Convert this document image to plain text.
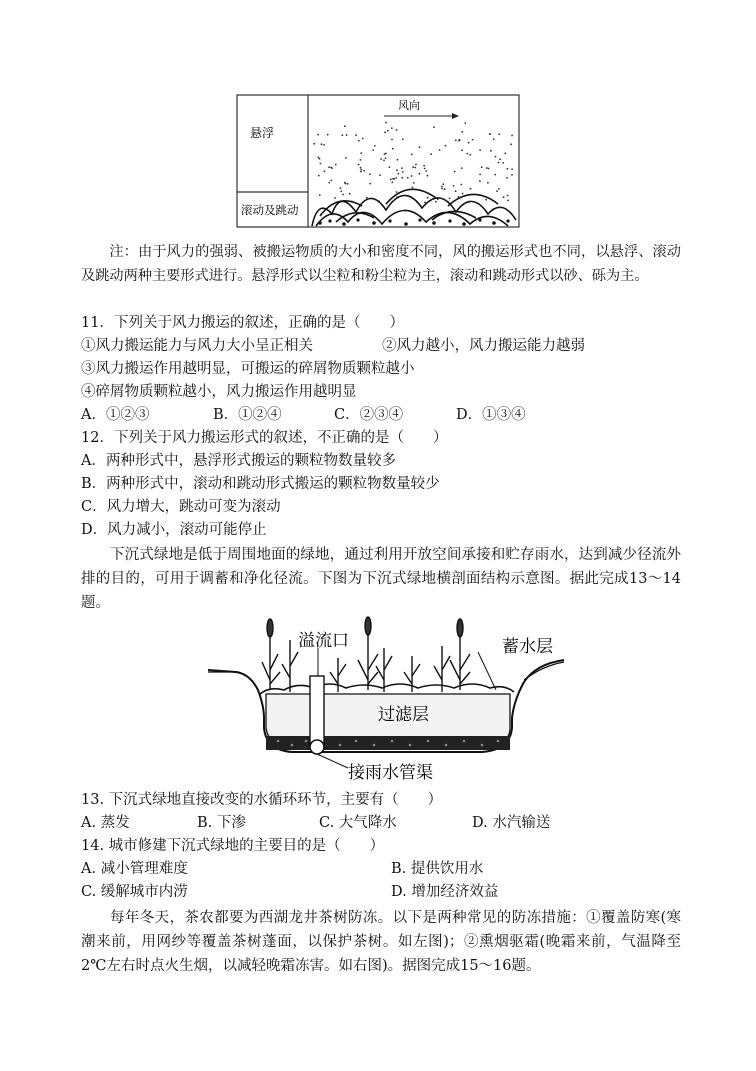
悬浮
滚动及跳动
风向

注：由于风力的强弱、被搬运物质的大小和密度不同，风的搬运形式也不同，以悬浮、滚动及跳动两种主要形式进行。悬浮形式以尘粒和粉尘粒为主，滚动和跳动形式以砂、砾为主。

11．下列关于风力搬运的叙述，正确的是（　　）
①风力搬运能力与风力大小呈正相关	②风力越小，风力搬运能力越弱
③风力搬运作用越明显，可搬运的碎屑物质颗粒越小
④碎屑物质颗粒越小，风力搬运作用越明显
A．①②③	B．①②④	C．②③④	D．①③④
12．下列关于风力搬运形式的叙述，不正确的是（　　）
A．两种形式中，悬浮形式搬运的颗粒物数量较多
B．两种形式中，滚动和跳动形式搬运的颗粒物数量较少
C．风力增大，跳动可变为滚动
D．风力减小，滚动可能停止

下沉式绿地是低于周围地面的绿地，通过利用开放空间承接和贮存雨水，达到减少径流外排的目的，可用于调蓄和净化径流。下图为下沉式绿地横剖面结构示意图。据此完成13～14题。

溢流口	蓄水层
过滤层
接雨水管渠
13. 下沉式绿地直接改变的水循环环节，主要有（　　）
A. 蒸发	B. 下渗	C. 大气降水	D. 水汽输送
14. 城市修建下沉式绿地的主要目的是（　　）
A. 减小管理难度	B. 提供饮用水
C. 缓解城市内涝	D. 增加经济效益

每年冬天，茶农都要为西湖龙井茶树防冻。以下是两种常见的防冻措施：①覆盖防寒(寒潮来前，用网纱等覆盖茶树蓬面，以保护茶树。如左图)；②熏烟驱霜(晚霜来前，气温降至2℃左右时点火生烟，以减轻晚霜冻害。如右图)。据图完成15～16题。
